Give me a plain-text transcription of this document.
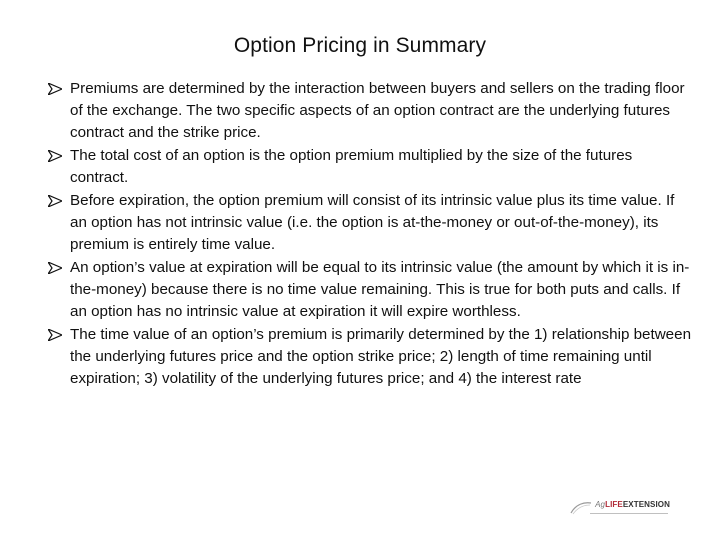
Option Pricing in Summary
Premiums are determined by the interaction between buyers and sellers on the trading floor of the exchange. The two specific aspects of an option contract are the underlying futures contract and the strike price.
The total cost of an option is the option premium multiplied by the size of the futures contract.
Before expiration, the option premium will consist of its intrinsic value plus its time value. If an option has not intrinsic value (i.e. the option is at-the-money or out-of-the-money), its premium is entirely time value.
An option’s value at expiration will be equal to its intrinsic value (the amount by which it is in-the-money) because there is no time value remaining. This is true for both puts and calls. If an option has no intrinsic value at expiration it will expire worthless.
The time value of an option’s premium is primarily determined by the 1) relationship between the underlying futures price and the option strike price; 2) length of time remaining until expiration; 3) volatility of the underlying futures price; and 4) the interest rate
AgLIFEEXTENSION
